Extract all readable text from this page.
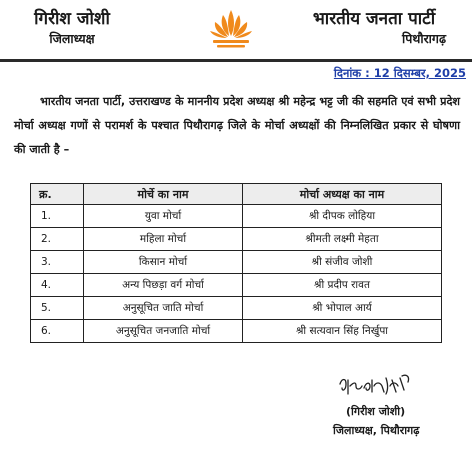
गिरीश जोशी
जिलाध्यक्ष
भारतीय जनता पार्टी
पिथौरागढ़
दिनांक : 12 दिसम्बर, 2025
भारतीय जनता पार्टी, उत्तराखण्ड के माननीय प्रदेश अध्यक्ष श्री महेन्द्र भट्ट जी की सहमति एवं सभी प्रदेश मोर्चा अध्यक्ष गणों से परामर्श के पश्चात पिथौरागढ़ जिले के मोर्चा अध्यक्षों की निम्नलिखित प्रकार से घोषणा की जाती है –
क्र.	मोर्चे का नाम	मोर्चा अध्यक्ष का नाम
1.	युवा मोर्चा	श्री दीपक लोहिया
2.	महिला मोर्चा	श्रीमती लक्ष्मी मेहता
3.	किसान मोर्चा	श्री संजीव जोशी
4.	अन्य पिछड़ा वर्ग मोर्चा	श्री प्रदीप रावत
5.	अनुसूचित जाति मोर्चा	श्री भोपाल आर्य
6.	अनुसूचित जनजाति मोर्चा	श्री सत्यवान सिंह निर्खुपा
(गिरीश जोशी)
जिलाध्यक्ष, पिथौरागढ़
